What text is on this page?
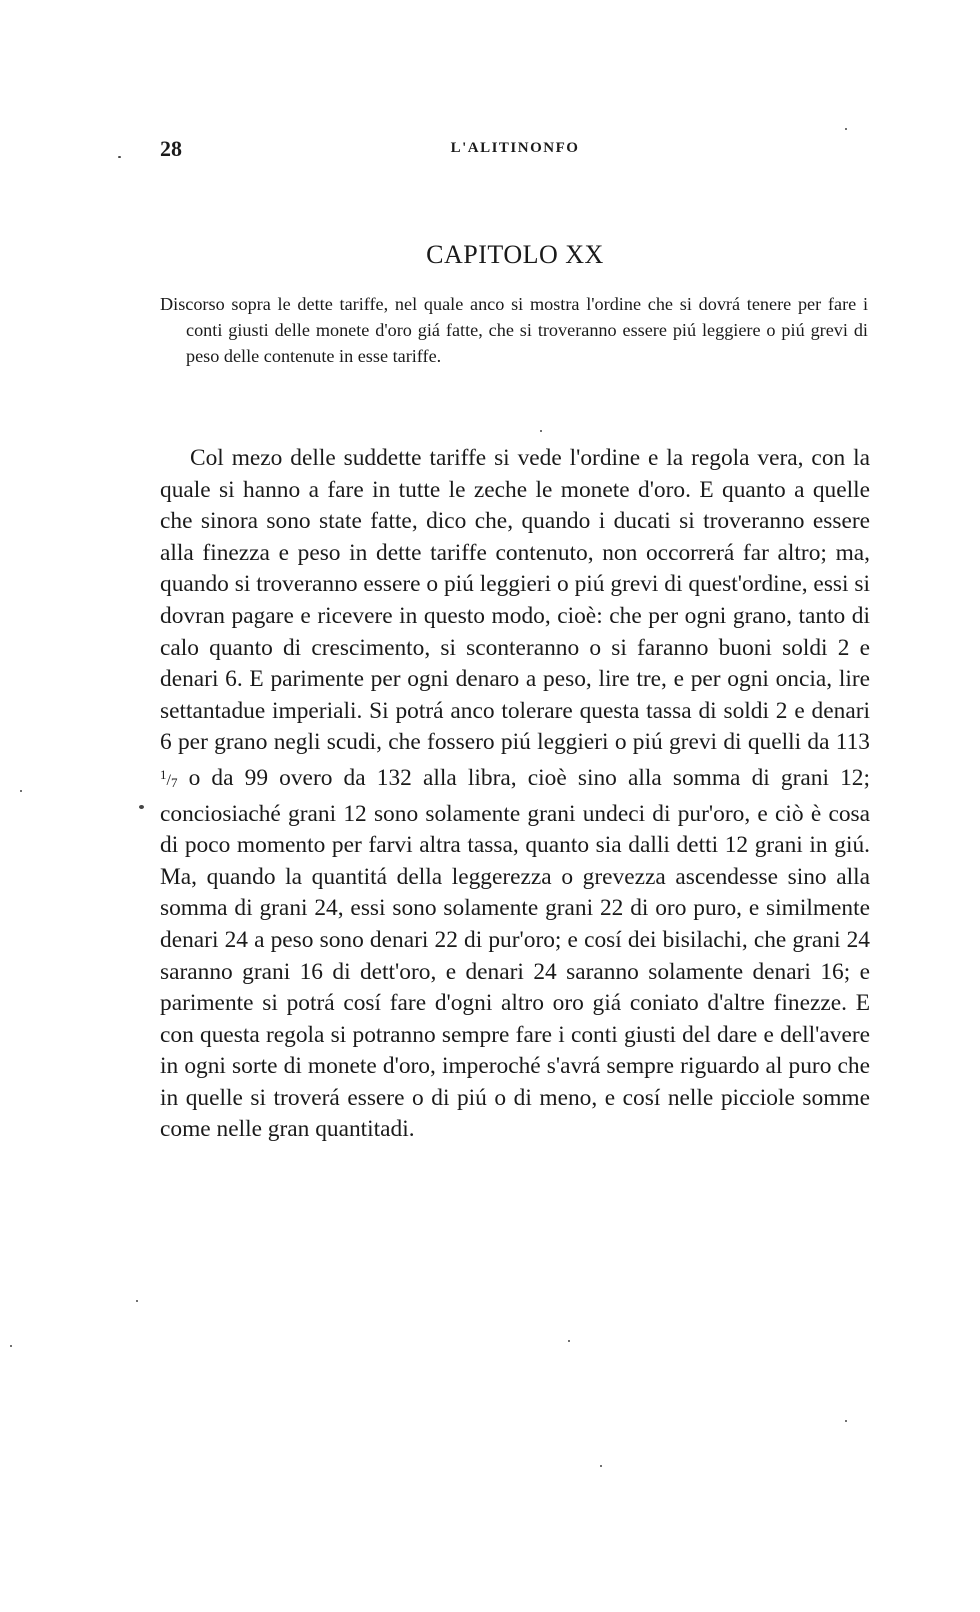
28	L'ALITINONFO
CAPITOLO XX

Discorso sopra le dette tariffe, nel quale anco si mostra l'ordine che si dovrá tenere per fare i conti giusti delle monete d'oro giá fatte, che si troveranno essere piú leggiere o piú grevi di peso delle contenute in esse tariffe.

Col mezo delle suddette tariffe si vede l'ordine e la regola vera, con la quale si hanno a fare in tutte le zeche le monete d'oro. E quanto a quelle che sinora sono state fatte, dico che, quando i ducati si troveranno essere alla finezza e peso in dette tariffe contenuto, non occorrerá far altro; ma, quando si troveranno essere o piú leggieri o piú grevi di quest'ordine, essi si dovran pagare e ricevere in questo modo, cioè: che per ogni grano, tanto di calo quanto di crescimento, si sconteranno o si faranno buoni soldi 2 e denari 6. E parimente per ogni denaro a peso, lire tre, e per ogni oncia, lire settantadue imperiali. Si potrá anco tolerare questa tassa di soldi 2 e denari 6 per grano negli scudi, che fossero piú leggieri o piú grevi di quelli da 113 $^1/_7$ o da 99 overo da 132 alla libra, cioè sino alla somma di grani 12; conciosiaché grani 12 sono solamente grani undeci di pur'oro, e ciò è cosa di poco momento per farvi altra tassa, quanto sia dalli detti 12 grani in giú. Ma, quando la quantitá della leggerezza o grevezza ascendesse sino alla somma di grani 24, essi sono solamente grani 22 di oro puro, e similmente denari 24 a peso sono denari 22 di pur'oro; e cosí dei bisilachi, che grani 24 saranno grani 16 di dett'oro, e denari 24 saranno solamente denari 16; e parimente si potrá cosí fare d'ogni altro oro giá coniato d'altre finezze. E con questa regola si potranno sempre fare i conti giusti del dare e dell'avere in ogni sorte di monete d'oro, imperoché s'avrá sempre riguardo al puro che in quelle si troverá essere o di piú o di meno, e cosí nelle picciole somme come nelle gran quantitadi.
